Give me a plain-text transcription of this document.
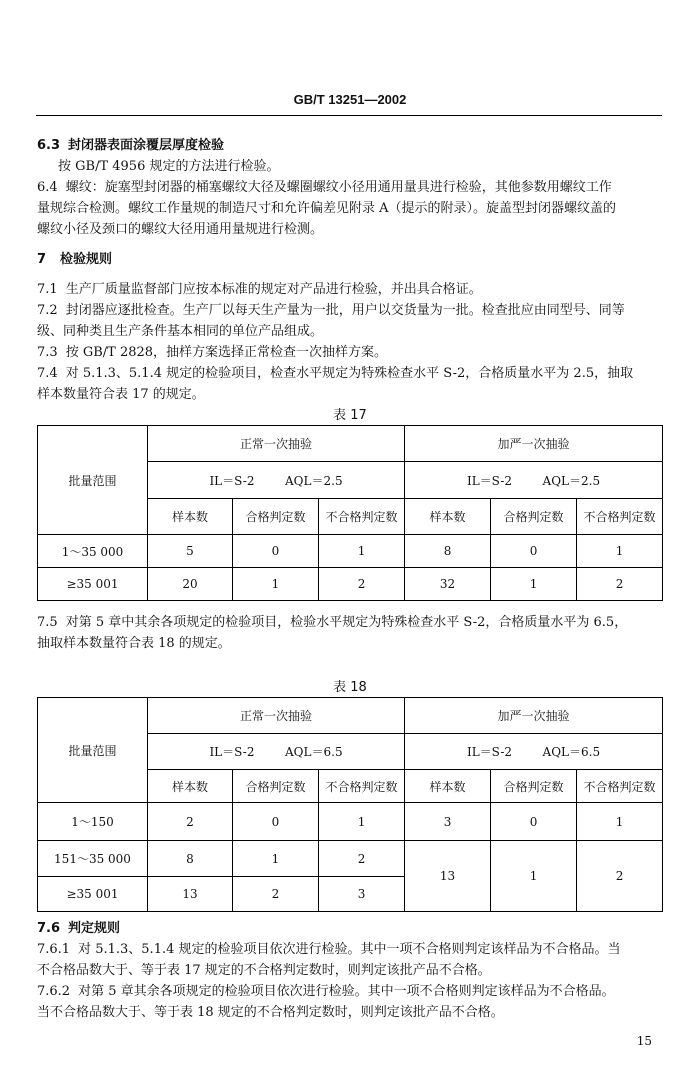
GB/T 13251—2002
6.3 封闭器表面涂覆层厚度检验
按 GB/T 4956 规定的方法进行检验。
6.4 螺纹：旋塞型封闭器的桶塞螺纹大径及螺圈螺纹小径用通用量具进行检验，其他参数用螺纹工作
量规综合检测。螺纹工作量规的制造尺寸和允许偏差见附录 A（提示的附录）。旋盖型封闭器螺纹盖的
螺纹小径及颈口的螺纹大径用通用量规进行检测。
7 检验规则
7.1 生产厂质量监督部门应按本标准的规定对产品进行检验，并出具合格证。
7.2 封闭器应逐批检查。生产厂以每天生产量为一批，用户以交货量为一批。检查批应由同型号、同等
级、同种类且生产条件基本相同的单位产品组成。
7.3 按 GB/T 2828，抽样方案选择正常检查一次抽样方案。
7.4 对 5.1.3、5.1.4 规定的检验项目，检查水平规定为特殊检查水平 S-2，合格质量水平为 2.5，抽取
样本数量符合表 17 的规定。
表 17
批量范围	正常一次抽验			加严一次抽验		
	IL＝S-2 AQL＝2.5			IL＝S-2 AQL＝2.5		
	样本数	合格判定数	不合格判定数	样本数	合格判定数	不合格判定数
1～35 000	5	0	1	8	0	1
≥35 001	20	1	2	32	1	2
7.5 对第 5 章中其余各项规定的检验项目，检验水平规定为特殊检查水平 S-2，合格质量水平为 6.5，
抽取样本数量符合表 18 的规定。
表 18
批量范围	正常一次抽验			加严一次抽验		
	IL＝S-2 AQL＝6.5			IL＝S-2 AQL＝6.5		
	样本数	合格判定数	不合格判定数	样本数	合格判定数	不合格判定数
1～150	2	0	1	3	0	1
151～35 000	8	1	2	13	1	2
≥35 001	13	2	3			
7.6 判定规则
7.6.1 对 5.1.3、5.1.4 规定的检验项目依次进行检验。其中一项不合格则判定该样品为不合格品。当
不合格品数大于、等于表 17 规定的不合格判定数时，则判定该批产品不合格。
7.6.2 对第 5 章其余各项规定的检验项目依次进行检验。其中一项不合格则判定该样品为不合格品。
当不合格品数大于、等于表 18 规定的不合格判定数时，则判定该批产品不合格。
15
